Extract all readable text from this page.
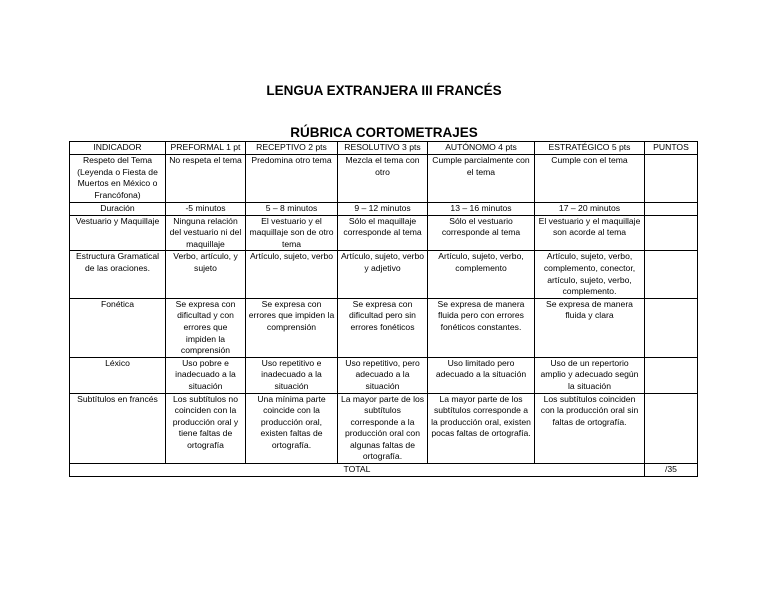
LENGUA EXTRANJERA III FRANCÉS
RÚBRICA CORTOMETRAJES
INDICADOR	PREFORMAL 1 pt	RECEPTIVO 2 pts	RESOLUTIVO 3 pts	AUTÓNOMO 4 pts	ESTRATÉGICO 5 pts	PUNTOS
Respeto del Tema (Leyenda o Fiesta de Muertos en México o Francófona)	No respeta el tema	Predomina otro tema	Mezcla el tema con otro	Cumple parcialmente con el tema	Cumple con el tema	
Duración	-5 minutos	5 – 8 minutos	9 – 12 minutos	13 – 16 minutos	17 – 20 minutos	
Vestuario y Maquillaje	Ninguna relación del vestuario ni del maquillaje	El vestuario y el maquillaje son de otro tema	Sólo el maquillaje corresponde al tema	Sólo el vestuario corresponde al tema	El vestuario y el maquillaje son acorde al tema	
Estructura Gramatical de las oraciones.	Verbo, artículo, y sujeto	Artículo, sujeto, verbo	Artículo, sujeto, verbo y adjetivo	Artículo, sujeto, verbo, complemento	Artículo, sujeto, verbo, complemento, conector, artículo, sujeto, verbo, complemento.	
Fonética	Se expresa con dificultad y con errores que impiden la comprensión	Se expresa con errores que impiden la comprensión	Se expresa con dificultad pero sin errores fonéticos	Se expresa de manera fluida pero con errores fonéticos constantes.	Se expresa de manera fluida y clara	
Léxico	Uso pobre e inadecuado a la situación	Uso repetitivo e inadecuado a la situación	Uso repetitivo, pero adecuado a la situación	Uso limitado pero adecuado a la situación	Uso de un repertorio amplio y adecuado según la situación	
Subtítulos en francés	Los subtítulos no coinciden con la producción oral y tiene faltas de ortografía	Una mínima parte coincide con la producción oral, existen faltas de ortografía.	La mayor parte de los subtítulos corresponde a la producción oral con algunas faltas de ortografía.	La mayor parte de los subtítulos corresponde a la producción oral, existen pocas faltas de ortografía.	Los subtítulos coinciden con la producción oral sin faltas de ortografía.	
TOTAL						/35
